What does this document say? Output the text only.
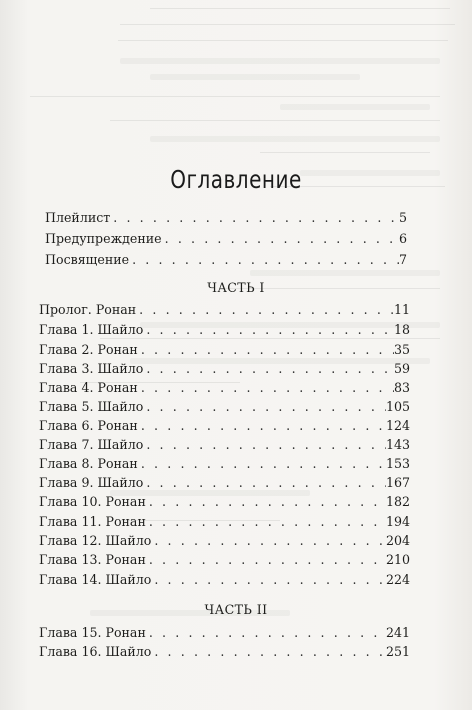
Оглавление
Плейлист . . .	5
Предупреждение . . .	6
Посвящение . . .	7
ЧАСТЬ I
Пролог. Ронан . . .	11
Глава 1. Шайло . . .	18
Глава 2. Ронан . . .	35
Глава 3. Шайло . . .	59
Глава 4. Ронан . . .	83
Глава 5. Шайло . . .	105
Глава 6. Ронан . . .	124
Глава 7. Шайло . . .	143
Глава 8. Ронан . . .	153
Глава 9. Шайло . . .	167
Глава 10. Ронан . . .	182
Глава 11. Ронан . . .	194
Глава 12. Шайло . . .	204
Глава 13. Ронан . . .	210
Глава 14. Шайло . . .	224
ЧАСТЬ II
Глава 15. Ронан . . .	241
Глава 16. Шайло . . .	251
